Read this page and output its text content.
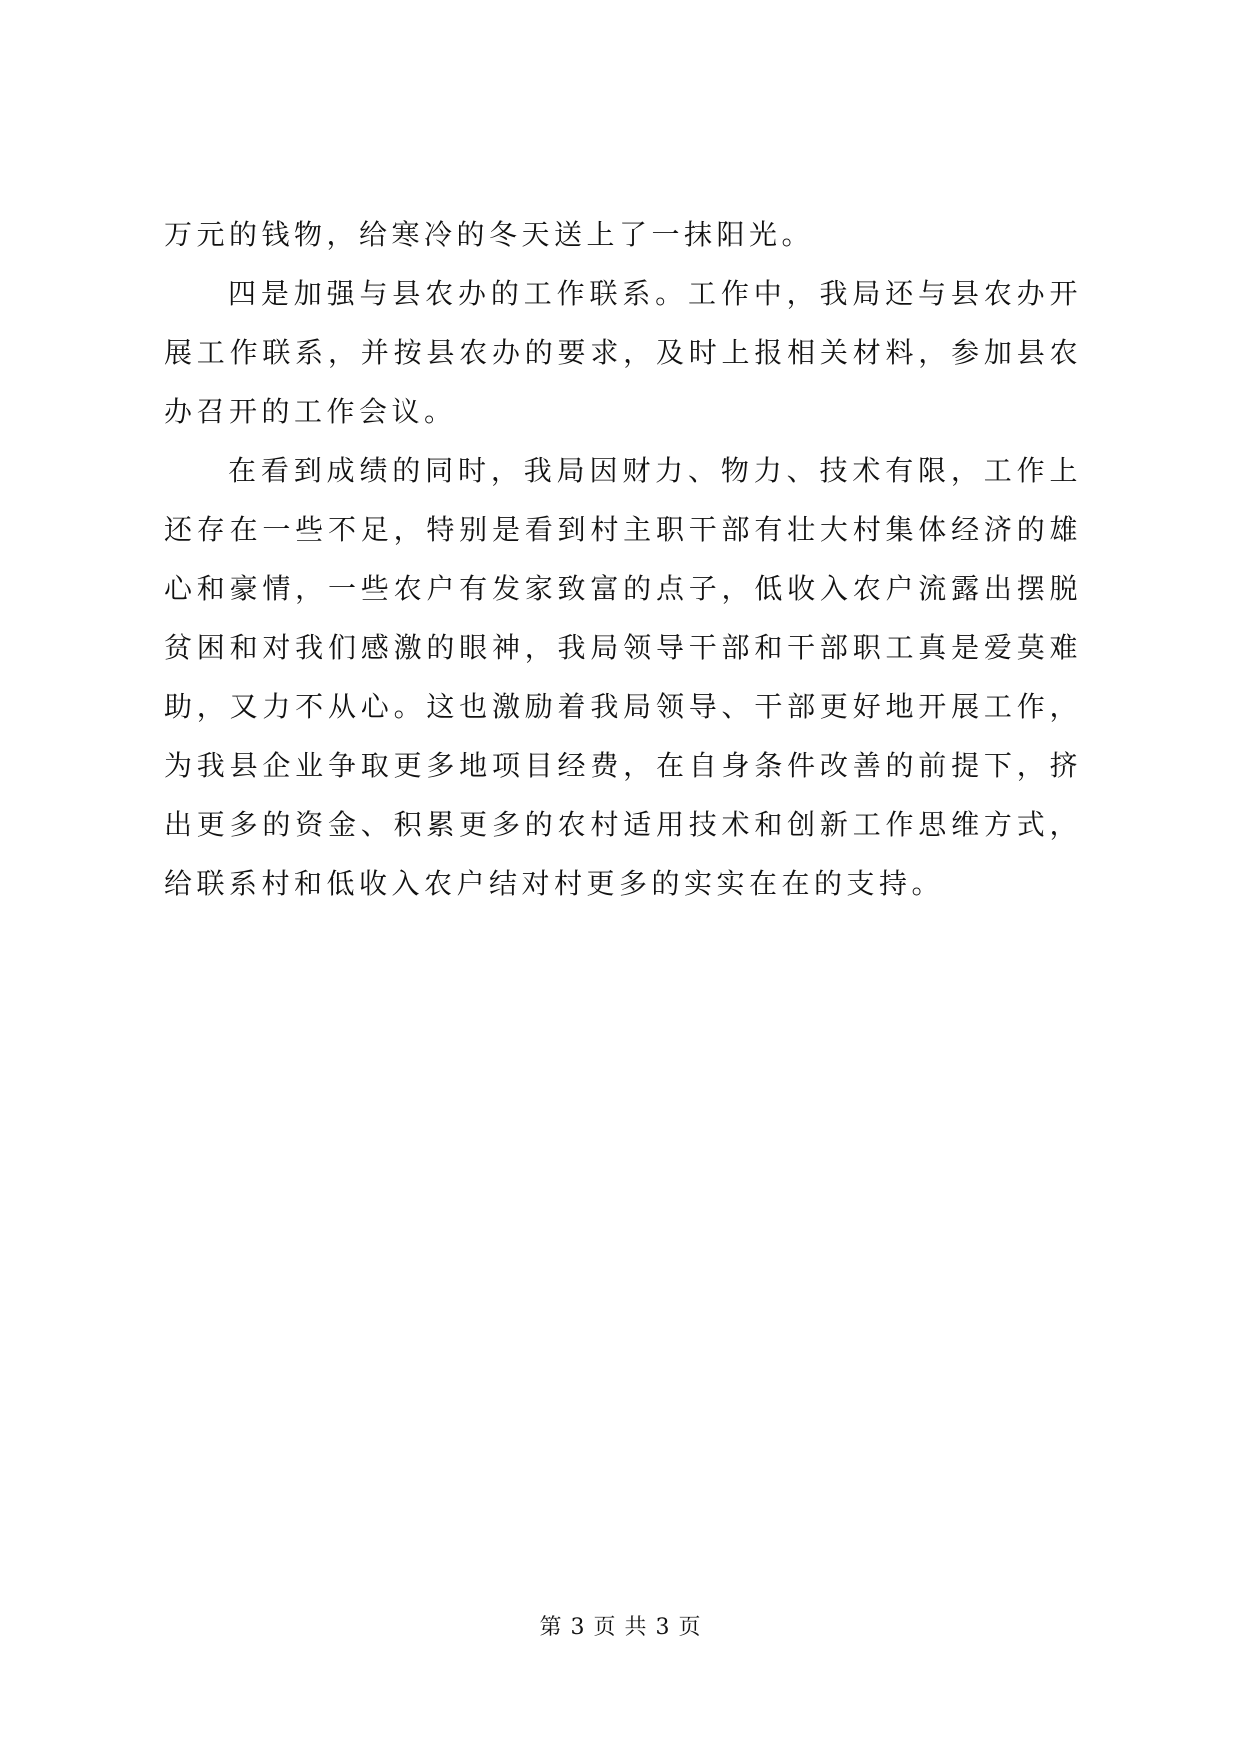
万元的钱物，给寒冷的冬天送上了一抹阳光。

四是加强与县农办的工作联系。工作中，我局还与县农办开展工作联系，并按县农办的要求，及时上报相关材料，参加县农办召开的工作会议。

在看到成绩的同时，我局因财力、物力、技术有限，工作上还存在一些不足，特别是看到村主职干部有壮大村集体经济的雄心和豪情，一些农户有发家致富的点子，低收入农户流露出摆脱贫困和对我们感激的眼神，我局领导干部和干部职工真是爱莫难助，又力不从心。这也激励着我局领导、干部更好地开展工作，为我县企业争取更多地项目经费，在自身条件改善的前提下，挤出更多的资金、积累更多的农村适用技术和创新工作思维方式，给联系村和低收入农户结对村更多的实实在在的支持。

第 3 页 共 3 页
